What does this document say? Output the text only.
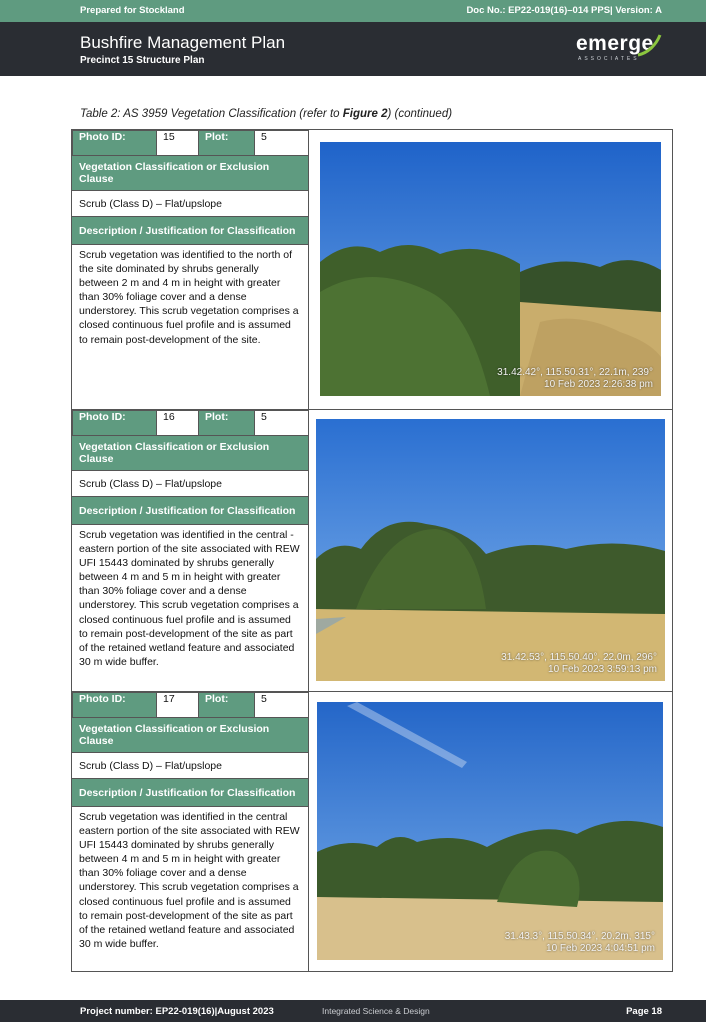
Prepared for Stockland	Doc No.: EP22-019(16)–014 PPS| Version: A
Bushfire Management Plan
Precinct 15 Structure Plan
emerge
ASSOCIATES
Table 2: AS 3959 Vegetation Classification (refer to Figure 2) (continued)
Photo ID:	15	Plot:	5
Vegetation Classification or Exclusion Clause
Scrub (Class D) – Flat/upslope
Description / Justification for Classification
Scrub vegetation was identified to the north of the site dominated by shrubs generally between 2 m and 4 m in height with greater than 30% foliage cover and a dense understorey. This scrub vegetation comprises a closed continuous fuel profile and is assumed to remain post-development of the site.

31.42.42°, 115.50.31°, 22.1m, 239°
10 Feb 2023 2:26:38 pm

Photo ID:	16	Plot:	5
Vegetation Classification or Exclusion Clause
Scrub (Class D) – Flat/upslope
Description / Justification for Classification
Scrub vegetation was identified in the central - eastern portion of the site associated with REW UFI 15443 dominated by shrubs generally between 4 m and 5 m in height with greater than 30% foliage cover and a dense understorey. This scrub vegetation comprises a closed continuous fuel profile and is assumed to remain post-development of the site as part of the retained wetland feature and associated 30 m wide buffer.	31.42.53°, 115.50.40°, 22.0m, 296°
10 Feb 2023 3:59:13 pm

Photo ID:	17	Plot:	5
Vegetation Classification or Exclusion Clause
Scrub (Class D) – Flat/upslope
Description / Justification for Classification
Scrub vegetation was identified in the central eastern portion of the site associated with REW UFI 15443 dominated by shrubs generally between 4 m and 5 m in height with greater than 30% foliage cover and a dense understorey. This scrub vegetation comprises a closed continuous fuel profile and is assumed to remain post-development of the site as part of the retained wetland feature and associated 30 m wide buffer.

31.43.3°, 115.50.34°, 20.2m, 315°
10 Feb 2023 4:04:51 pm
Project number: EP22-019(16)|August 2023	Integrated Science & Design	Page 18
